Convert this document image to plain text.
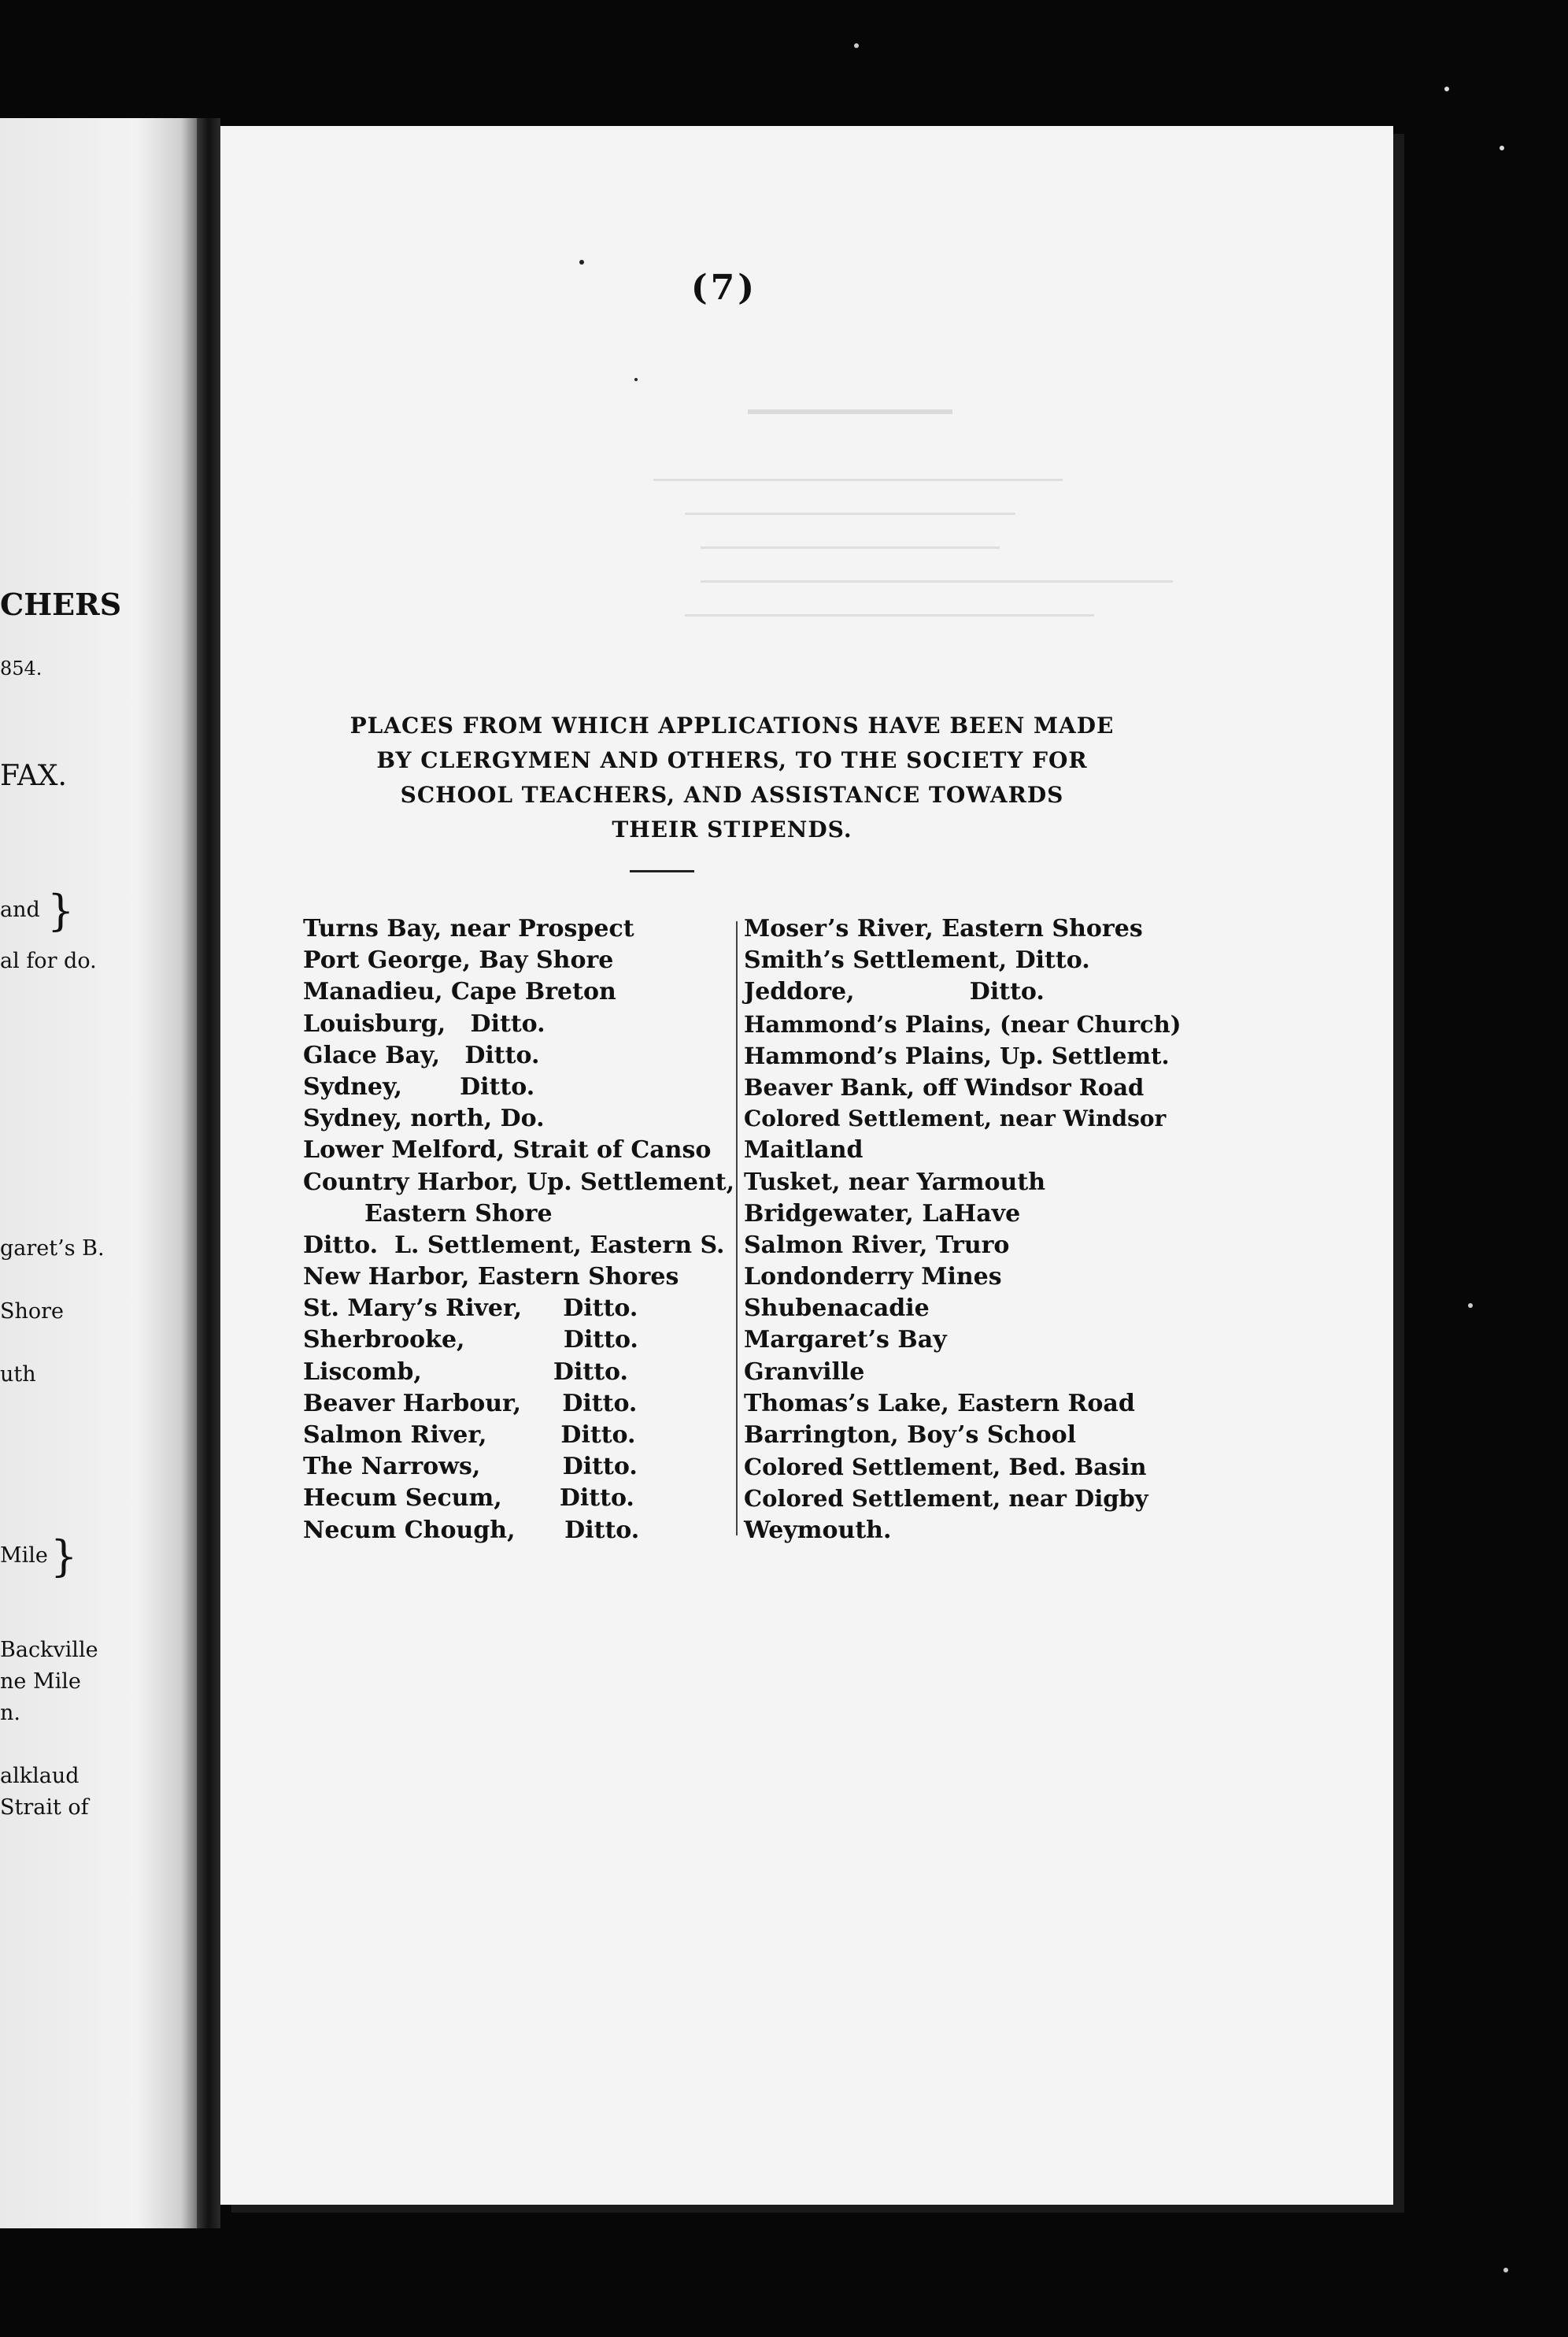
CHERS
854.
FAX.
and }
al for do.
garet’s B.
Shore
uth
Mile }
Backville
ne Mile
n.
alklaud
Strait of
(7)
PLACES FROM WHICH APPLICATIONS HAVE BEEN MADE
BY CLERGYMEN AND OTHERS, TO THE SOCIETY FOR
SCHOOL TEACHERS, AND ASSISTANCE TOWARDS
THEIR STIPENDS.
Turns Bay, near Prospect
Port George, Bay Shore
Manadieu, Cape Breton
Louisburg,   Ditto.
Glace Bay,   Ditto.
Sydney,       Ditto.
Sydney, north, Do.
Lower Melford, Strait of Canso
Country Harbor, Up. Settlement,
Eastern Shore
Ditto.  L. Settlement, Eastern S.
New Harbor, Eastern Shores
St. Mary’s River,     Ditto.
Sherbrooke,            Ditto.
Liscomb,                Ditto.
Beaver Harbour,     Ditto.
Salmon River,         Ditto.
The Narrows,          Ditto.
Hecum Secum,       Ditto.
Necum Chough,      Ditto.
Moser’s River, Eastern Shores
Smith’s Settlement, Ditto.
Jeddore,              Ditto.
Hammond’s Plains, (near Church)
Hammond’s Plains, Up. Settlemt.
Beaver Bank, off Windsor Road
Colored Settlement, near Windsor
Maitland
Tusket, near Yarmouth
Bridgewater, LaHave
Salmon River, Truro
Londonderry Mines
Shubenacadie
Margaret’s Bay
Granville
Thomas’s Lake, Eastern Road
Barrington, Boy’s School
Colored Settlement, Bed. Basin
Colored Settlement, near Digby
Weymouth.
